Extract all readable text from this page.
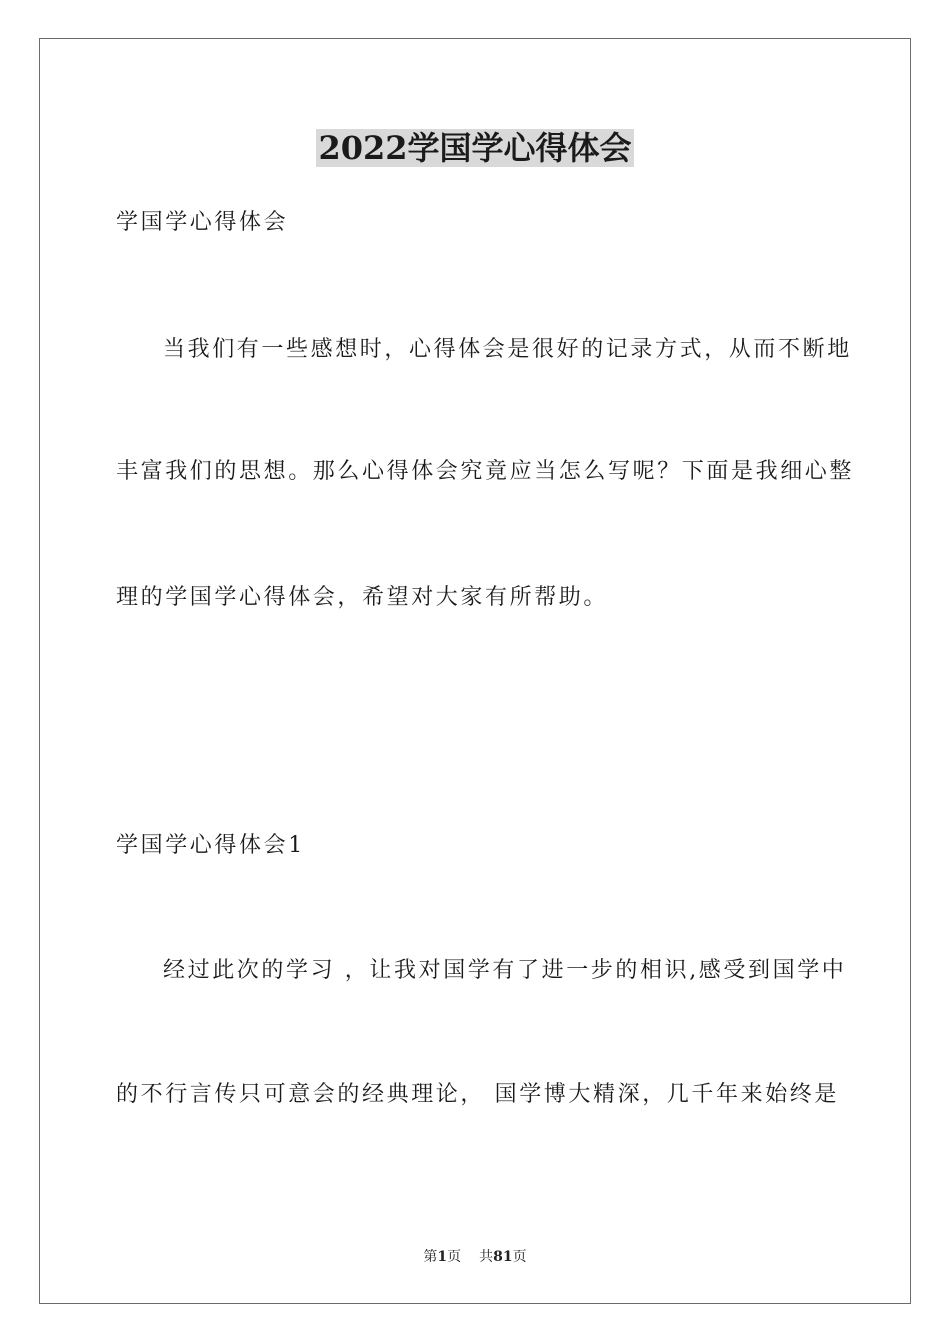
2022学国学心得体会
学国学心得体会
当我们有一些感想时，心得体会是很好的记录方式，从而不断地
丰富我们的思想。那么心得体会究竟应当怎么写呢？下面是我细心整
理的学国学心得体会，希望对大家有所帮助。
学国学心得体会1
经过此次的学习 ，让我对国学有了进一步的相识,感受到国学中
的不行言传只可意会的经典理论， 国学博大精深，几千年来始终是
第1页 共81页
